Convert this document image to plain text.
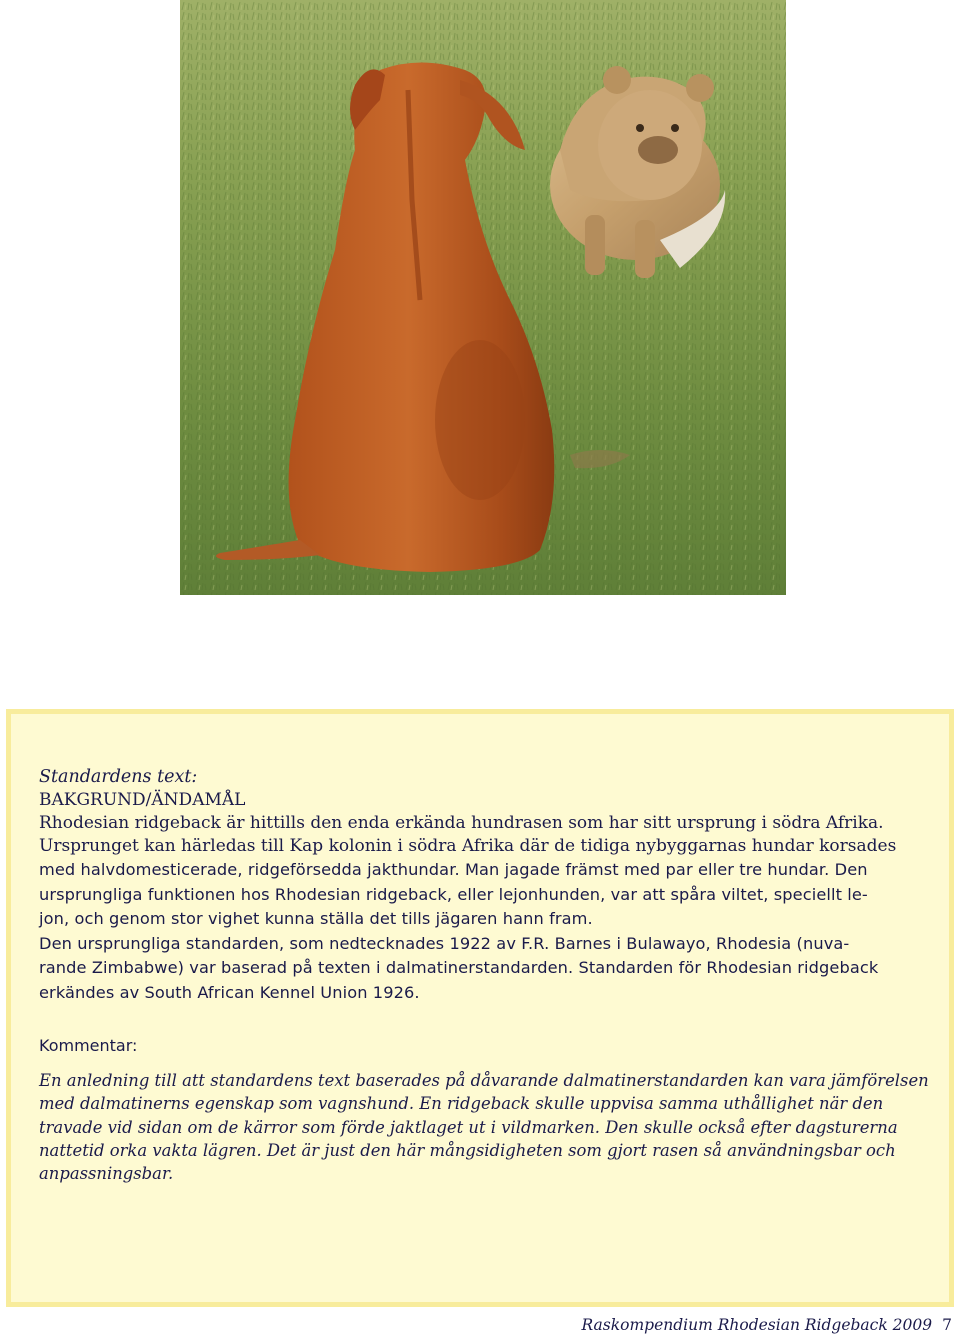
Standardens text:
BAKGRUND/ÄNDAMÅL
Rhodesian ridgeback är hittills den enda erkända hundrasen som har sitt ursprung i södra Afrika.
Ursprunget kan härledas till Kap kolonin i södra Afrika där de tidiga nybyggarnas hundar korsades
med halvdomesticerade, ridgeförsedda jakthundar. Man jagade främst med par eller tre hundar. Den
ursprungliga funktionen hos Rhodesian ridgeback, eller lejonhunden, var att spåra viltet, speciellt le-
jon, och genom stor vighet kunna ställa det tills jägaren hann fram.
Den ursprungliga standarden, som nedtecknades 1922 av F.R. Barnes i Bulawayo, Rhodesia (nuva-
rande Zimbabwe) var baserad på texten i dalmatinerstandarden. Standarden för Rhodesian ridgeback
erkändes av South African Kennel Union 1926.
Kommentar:
En anledning till att standardens text baserades på dåvarande dalmatinerstandarden kan vara jämförelsen
med dalmatinerns egenskap som vagnshund. En ridgeback skulle uppvisa samma uthållighet när den
travade vid sidan om de kärror som förde jaktlaget ut i vildmarken. Den skulle också efter dagsturerna
nattetid orka vakta lägren. Det är just den här mångsidigheten som gjort rasen så användningsbar och
anpassningsbar.
Raskompendium Rhodesian Ridgeback 2009 7
